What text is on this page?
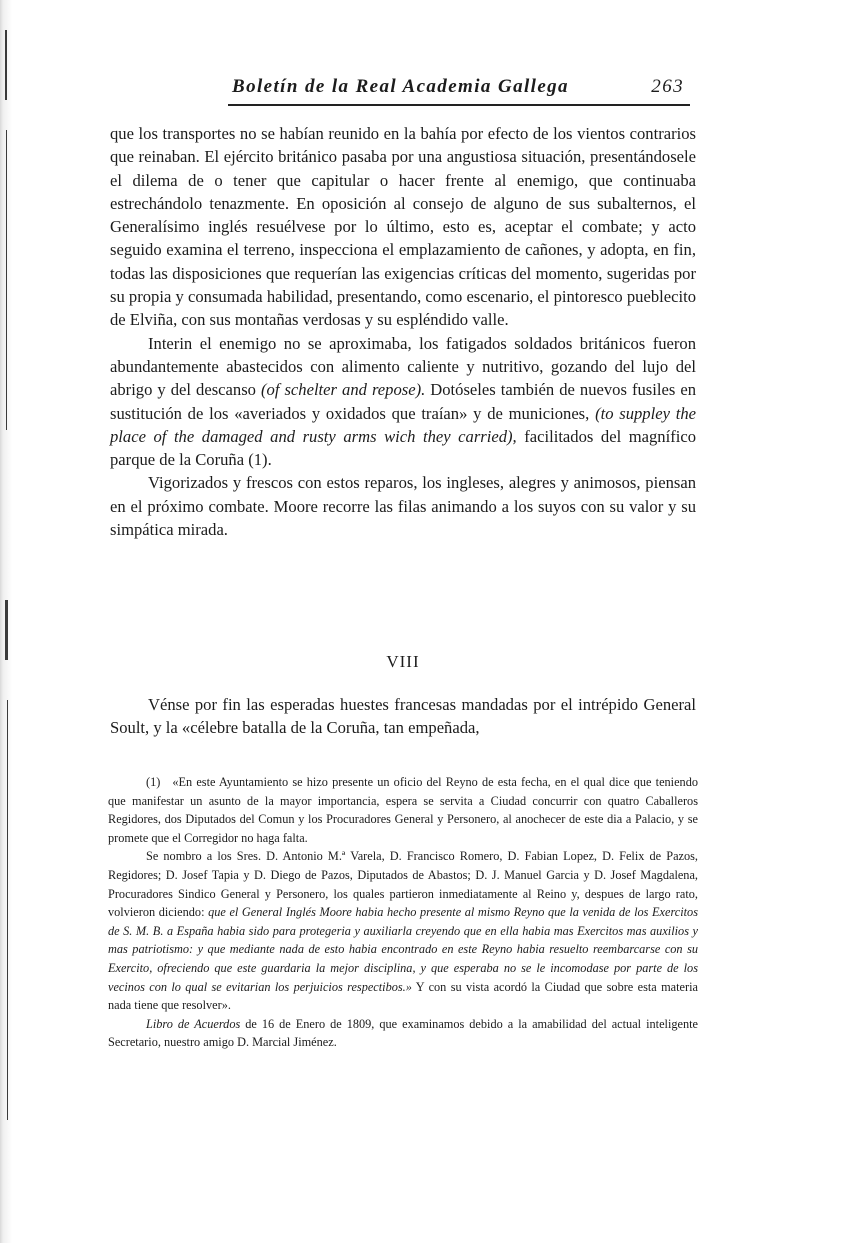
Boletín de la Real Academia Gallega	263

que los transportes no se habían reunido en la bahía por efecto de los vientos contrarios que reinaban. El ejército británico pasaba por una angustiosa situación, presentándosele el dilema de o tener que capitular o hacer frente al enemigo, que continuaba estrechándolo tenazmente. En oposición al consejo de alguno de sus subalternos, el Generalísimo inglés resuélvese por lo último, esto es, aceptar el combate; y acto seguido examina el terreno, inspecciona el emplazamiento de cañones, y adopta, en fin, todas las disposiciones que requerían las exigencias críticas del momento, sugeridas por su propia y consumada habilidad, presentando, como escenario, el pintoresco pueblecito de Elviña, con sus montañas verdosas y su espléndido valle.

Interin el enemigo no se aproximaba, los fatigados soldados británicos fueron abundantemente abastecidos con alimento caliente y nutritivo, gozando del lujo del abrigo y del descanso (of schelter and repose). Dotóseles también de nuevos fusiles en sustitución de los «averiados y oxidados que traían» y de municiones, (to suppley the place of the damaged and rusty arms wich they carried), facilitados del magnífico parque de la Coruña (1).

Vigorizados y frescos con estos reparos, los ingleses, alegres y animosos, piensan en el próximo combate. Moore recorre las filas animando a los suyos con su valor y su simpática mirada.

VIII

Vénse por fin las esperadas huestes francesas mandadas por el intrépido General Soult, y la «célebre batalla de la Coruña, tan empeñada,

(1) «En este Ayuntamiento se hizo presente un oficio del Reyno de esta fecha, en el qual dice que teniendo que manifestar un asunto de la mayor importancia, espera se servita a Ciudad concurrir con quatro Caballeros Regidores, dos Diputados del Comun y los Procuradores General y Personero, al anochecer de este dia a Palacio, y se promete que el Corregidor no haga falta.

Se nombro a los Sres. D. Antonio M.ª Varela, D. Francisco Romero, D. Fabian Lopez, D. Felix de Pazos, Regidores; D. Josef Tapia y D. Diego de Pazos, Diputados de Abastos; D. J. Manuel Garcia y D. Josef Magdalena, Procuradores Sindico General y Personero, los quales partieron inmediatamente al Reino y, despues de largo rato, volvieron diciendo: que el General Inglés Moore habia hecho presente al mismo Reyno que la venida de los Exercitos de S. M. B. a España habia sido para protegeria y auxiliarla creyendo que en ella habia mas Exercitos mas auxilios y mas patriotismo: y que mediante nada de esto habia encontrado en este Reyno habia resuelto reembarcarse con su Exercito, ofreciendo que este guardaria la mejor disciplina, y que esperaba no se le incomodase por parte de los vecinos con lo qual se evitarian los perjuicios respectibos.» Y con su vista acordó la Ciudad que sobre esta materia nada tiene que resolver».

Libro de Acuerdos de 16 de Enero de 1809, que examinamos debido a la amabilidad del actual inteligente Secretario, nuestro amigo D. Marcial Jiménez.
